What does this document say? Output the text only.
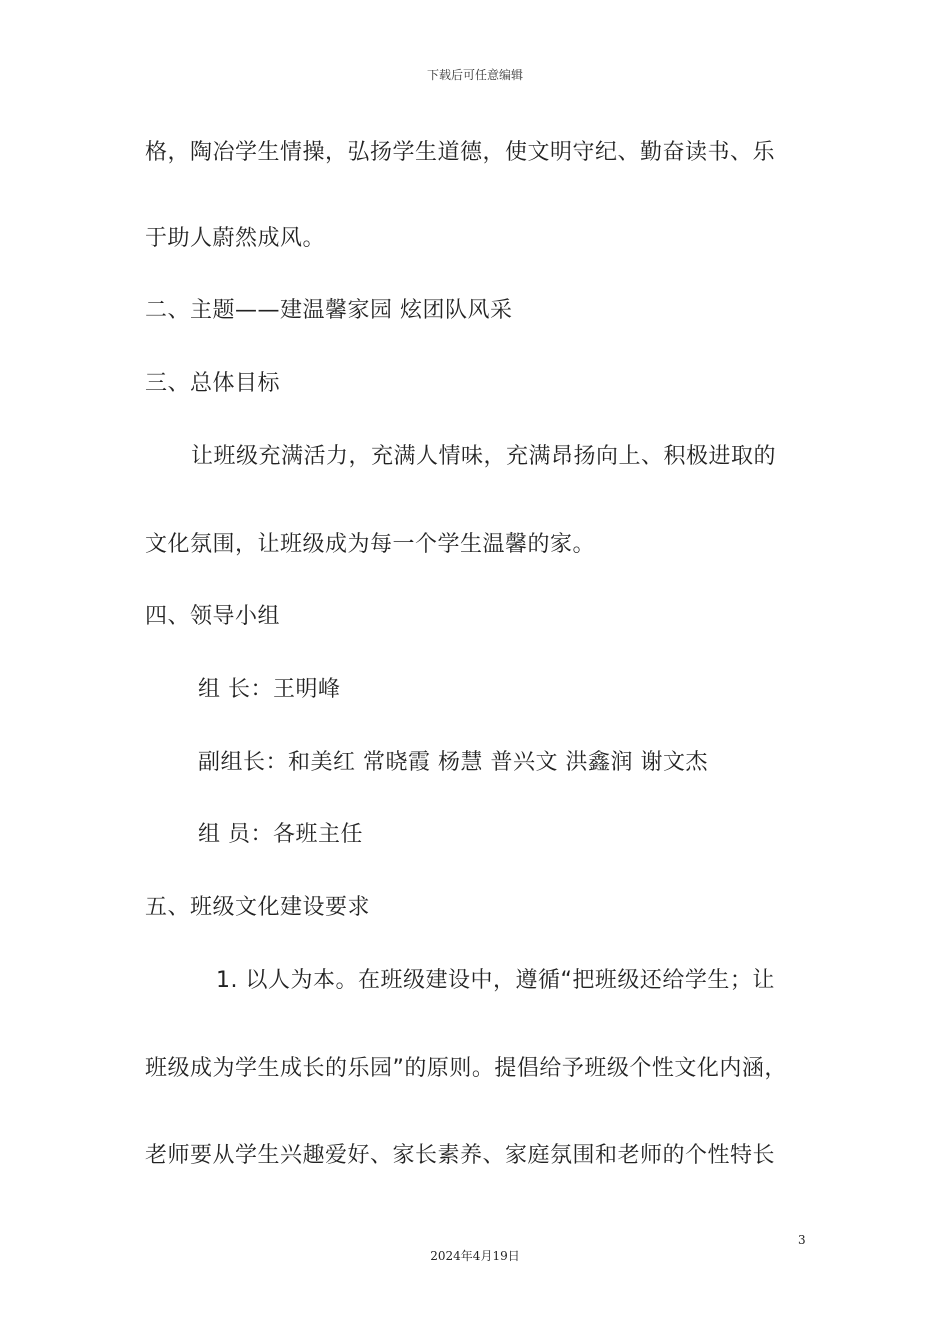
下载后可任意编辑
格，陶冶学生情操，弘扬学生道德，使文明守纪、勤奋读书、乐
于助人蔚然成风。
二、主题——建温馨家园 炫团队风采
三、总体目标
让班级充满活力，充满人情味，充满昂扬向上、积极进取的
文化氛围，让班级成为每一个学生温馨的家。
四、领导小组
组 长：王明峰
副组长：和美红 常晓霞 杨慧 普兴文 洪鑫润 谢文杰
组 员：各班主任
五、班级文化建设要求
1. 以人为本。在班级建设中，遵循“把班级还给学生；让
班级成为学生成长的乐园”的原则。提倡给予班级个性文化内涵，
老师要从学生兴趣爱好、家长素养、家庭氛围和老师的个性特长
3
2024年4月19日
